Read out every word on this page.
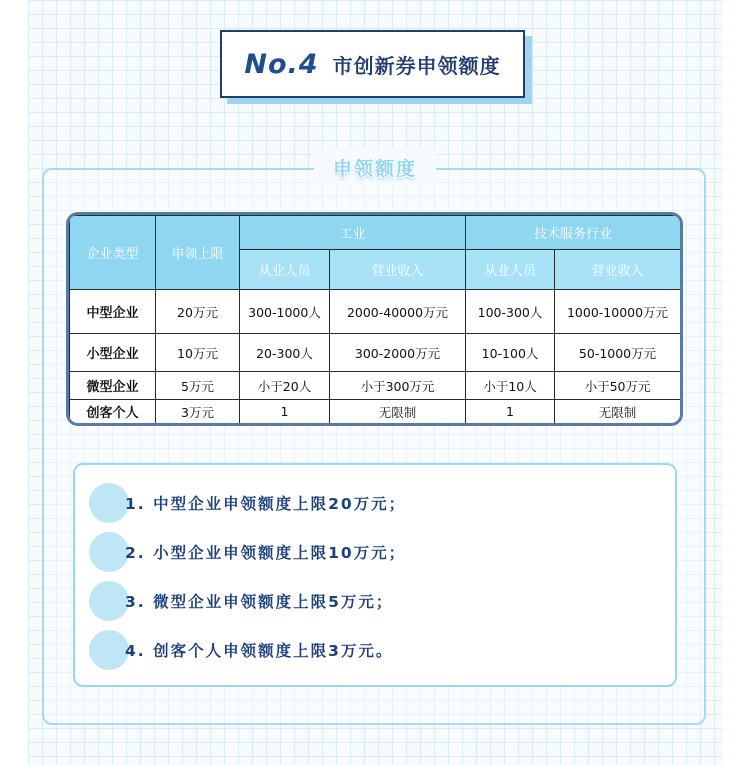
No.4 市创新券申领额度
申领额度
企业类型	申领上限	工业		技术服务行业	
		从业人员	营业收入	从业人员	营业收入
中型企业	20万元	300-1000人	2000-40000万元	100-300人	1000-10000万元
小型企业	10万元	20-300人	300-2000万元	10-100人	50-1000万元
微型企业	5万元	小于20人	小于300万元	小于10人	小于50万元
创客个人	3万元	1	无限制	1	无限制
1. 中型企业申领额度上限20万元；
2. 小型企业申领额度上限10万元；
3. 微型企业申领额度上限5万元；
4. 创客个人申领额度上限3万元。
